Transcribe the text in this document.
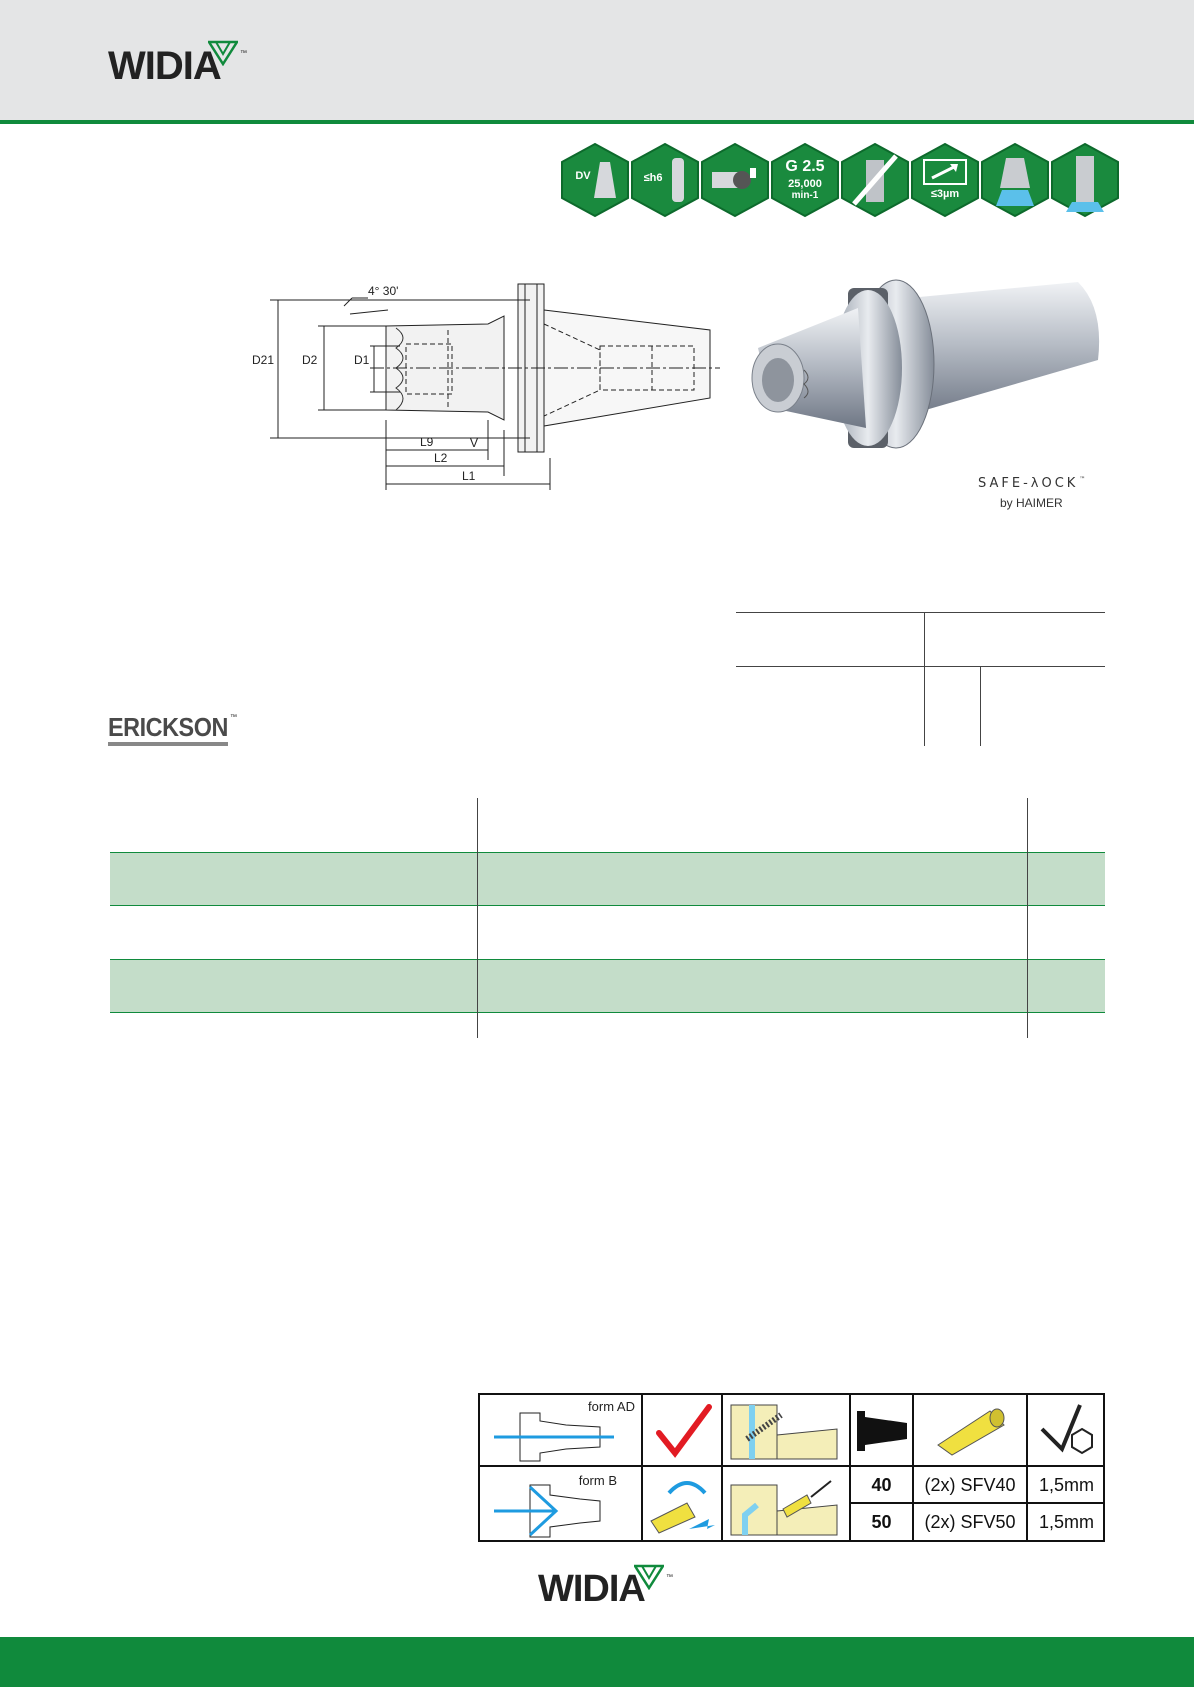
WIDIA	™
DV	≤h6
G 2.5
25,000
min-1	≤3µm
4° 30'
D21 D2	D1
L9	V
L2
L1	SAFE-λOCK™
by HAIMER
ERICKSON ™
form AD
form B	40	(2x) SFV40	1,5mm
50	(2x) SFV50	1,5mm
WIDIA	™
